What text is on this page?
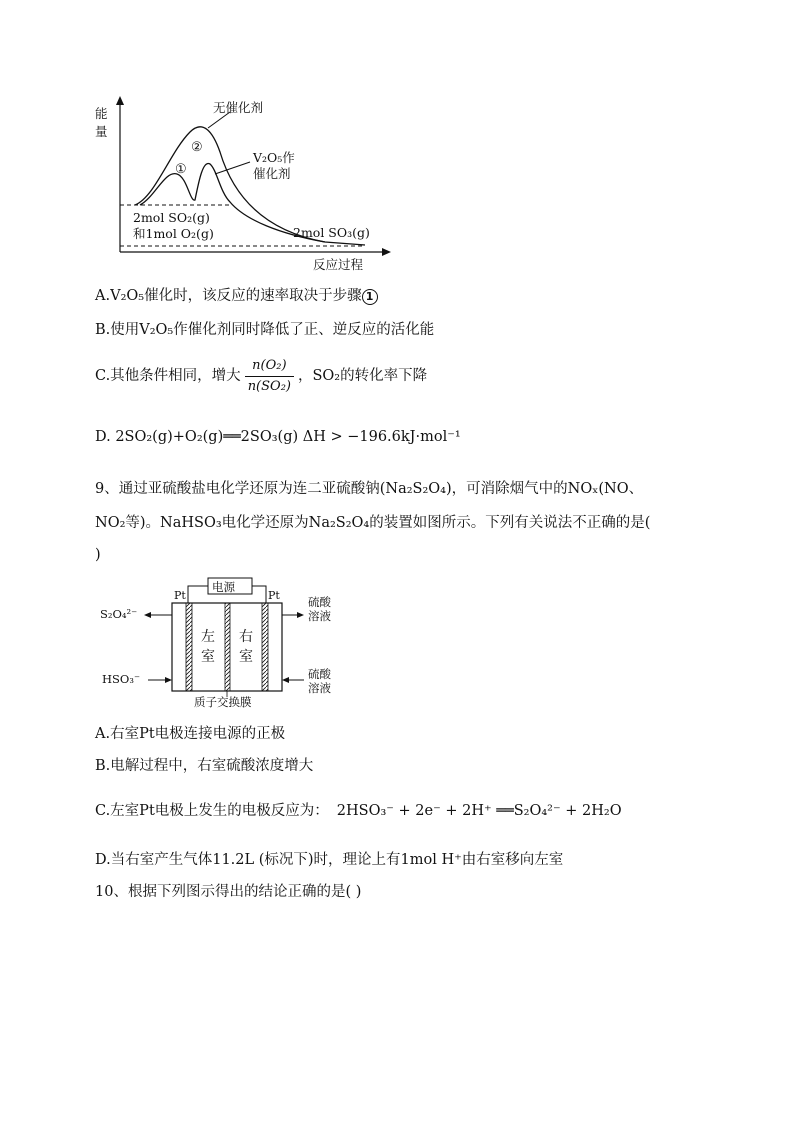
能
量
无催化剂
②
①
V₂O₅作
催化剂
2mol SO₂(g)
和1mol O₂(g)	2mol SO₃(g)
反应过程
A.V₂O₅催化时，该反应的速率取决于步骤 1
B.使用V₂O₅作催化剂同时降低了正、逆反应的活化能
C.其他条件相同，增大 $\frac{\text{n(O₂)}}{\text{n(SO₂)}}$ ，SO₂的转化率下降
D. 2SO₂(g)+O₂(g)══2SO₃(g) ΔH > −196.6kJ·mol⁻¹
9、通过亚硫酸盐电化学还原为连二亚硫酸钠(Na₂S₂O₄)，可消除烟气中的NOₓ(NO、
NO₂等)。NaHSO₃电化学还原为Na₂S₂O₄的装置如图所示。下列有关说法不正确的是(
)
电源
Pt	Pt
左
室
右
室
S₂O₄²⁻
HSO₃⁻
硫酸
溶液
硫酸
溶液
质子交换膜
A.右室Pt电极连接电源的正极
B.电解过程中，右室硫酸浓度增大
C.左室Pt电极上发生的电极反应为： 2HSO₃⁻ + 2e⁻ + 2H⁺ ══S₂O₄²⁻ + 2H₂O
D.当右室产生气体11.2L (标况下)时，理论上有1mol H⁺由右室移向左室
10、根据下列图示得出的结论正确的是( )
